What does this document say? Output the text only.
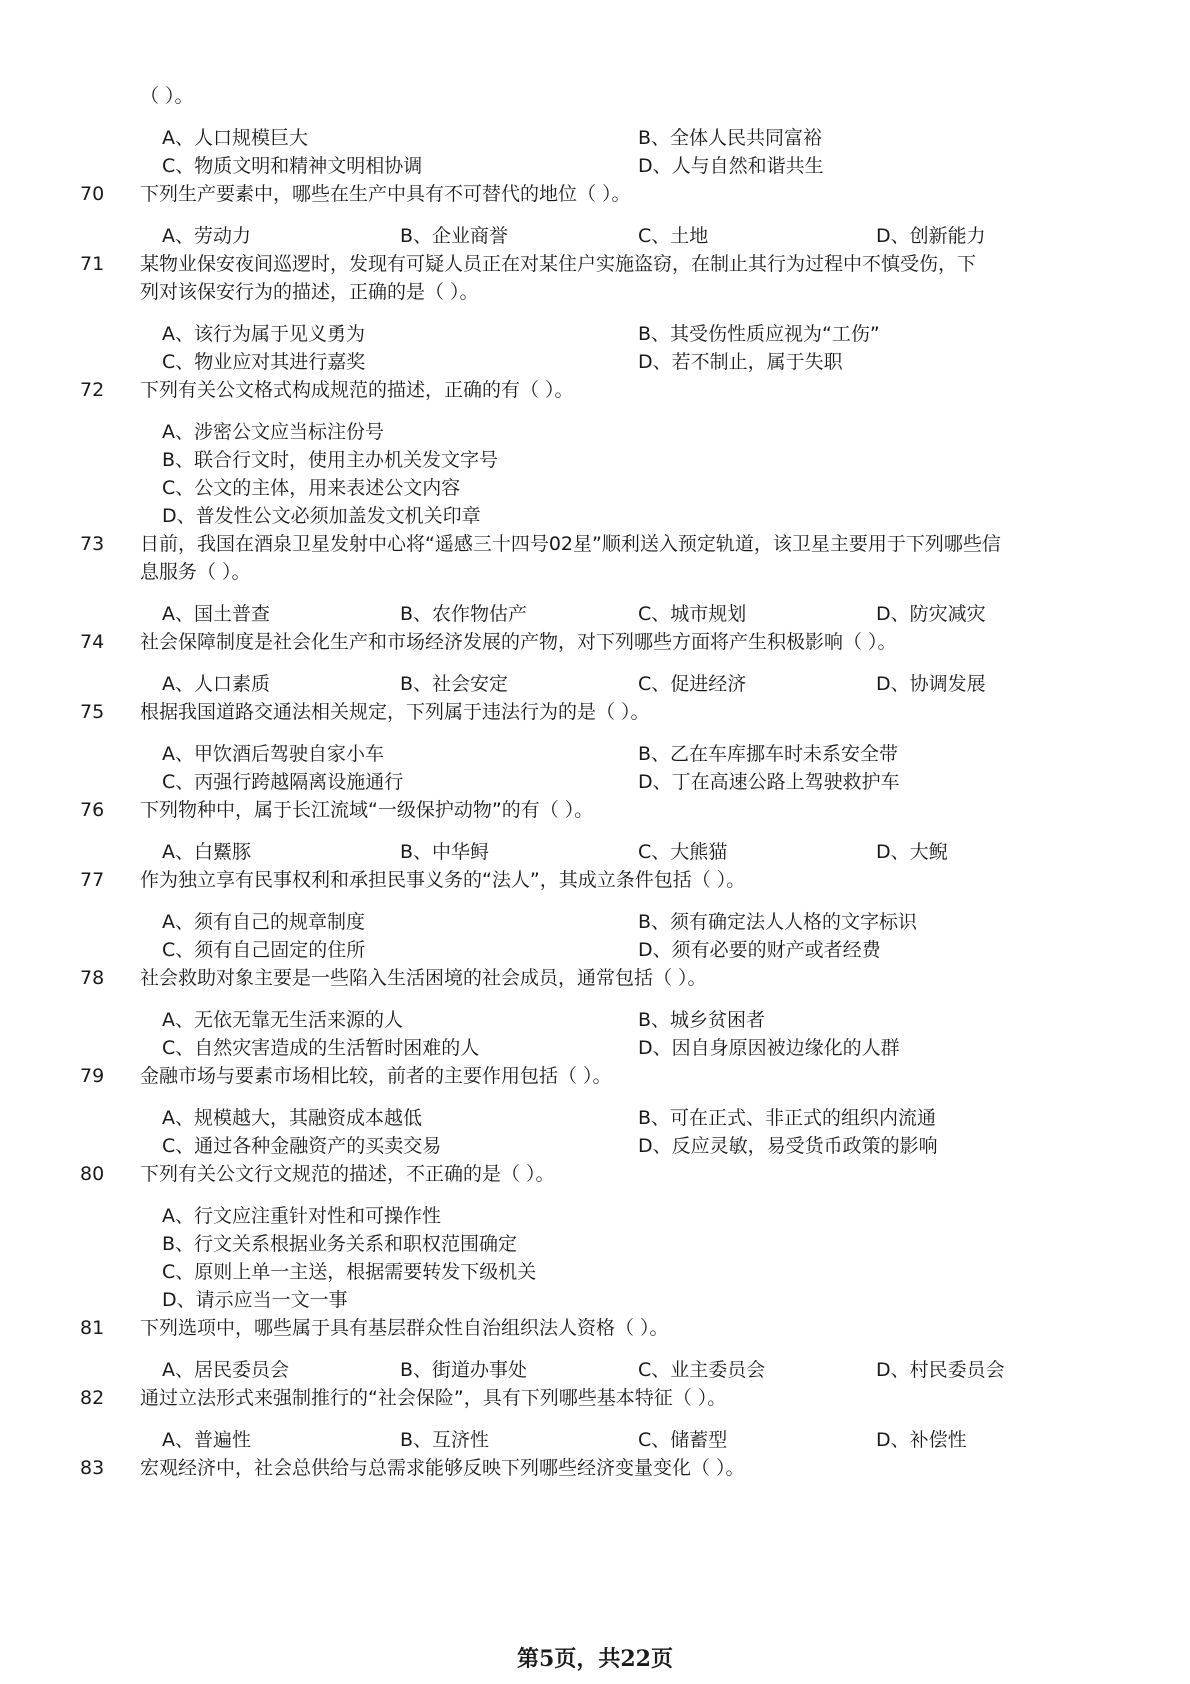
（ ）。
A、人口规模巨大	B、全体人民共同富裕
C、物质文明和精神文明相协调	D、人与自然和谐共生
70 下列生产要素中，哪些在生产中具有不可替代的地位（ ）。
A、劳动力	B、企业商誉	C、土地	D、创新能力
71 某物业保安夜间巡逻时，发现有可疑人员正在对某住户实施盗窃，在制止其行为过程中不慎受伤，下
列对该保安行为的描述，正确的是（ ）。
A、该行为属于见义勇为	B、其受伤性质应视为“工伤”
C、物业应对其进行嘉奖	D、若不制止，属于失职
72 下列有关公文格式构成规范的描述，正确的有（ ）。
A、涉密公文应当标注份号
B、联合行文时，使用主办机关发文字号
C、公文的主体，用来表述公文内容
D、普发性公文必须加盖发文机关印章
73 日前，我国在酒泉卫星发射中心将“遥感三十四号02星”顺利送入预定轨道，该卫星主要用于下列哪些信
息服务（ ）。
A、国土普查	B、农作物估产	C、城市规划	D、防灾减灾
74 社会保障制度是社会化生产和市场经济发展的产物，对下列哪些方面将产生积极影响（ ）。
A、人口素质	B、社会安定	C、促进经济	D、协调发展
75 根据我国道路交通法相关规定，下列属于违法行为的是（ ）。
A、甲饮酒后驾驶自家小车	B、乙在车库挪车时未系安全带
C、丙强行跨越隔离设施通行	D、丁在高速公路上驾驶救护车
76 下列物种中，属于长江流域“一级保护动物”的有（ ）。
A、白鱀豚	B、中华鲟	C、大熊猫	D、大鲵
77 作为独立享有民事权利和承担民事义务的“法人”，其成立条件包括（ ）。
A、须有自己的规章制度	B、须有确定法人人格的文字标识
C、须有自己固定的住所	D、须有必要的财产或者经费
78 社会救助对象主要是一些陷入生活困境的社会成员，通常包括（ ）。
A、无依无靠无生活来源的人	B、城乡贫困者
C、自然灾害造成的生活暂时困难的人	D、因自身原因被边缘化的人群
79 金融市场与要素市场相比较，前者的主要作用包括（ ）。
A、规模越大，其融资成本越低	B、可在正式、非正式的组织内流通
C、通过各种金融资产的买卖交易	D、反应灵敏，易受货币政策的影响
80 下列有关公文行文规范的描述，不正确的是（ ）。
A、行文应注重针对性和可操作性
B、行文关系根据业务关系和职权范围确定
C、原则上单一主送，根据需要转发下级机关
D、请示应当一文一事
81 下列选项中，哪些属于具有基层群众性自治组织法人资格（ ）。
A、居民委员会	B、街道办事处	C、业主委员会	D、村民委员会
82 通过立法形式来强制推行的“社会保险”，具有下列哪些基本特征（ ）。
A、普遍性	B、互济性	C、储蓄型	D、补偿性
83 宏观经济中，社会总供给与总需求能够反映下列哪些经济变量变化（ ）。
第5页，共22页
